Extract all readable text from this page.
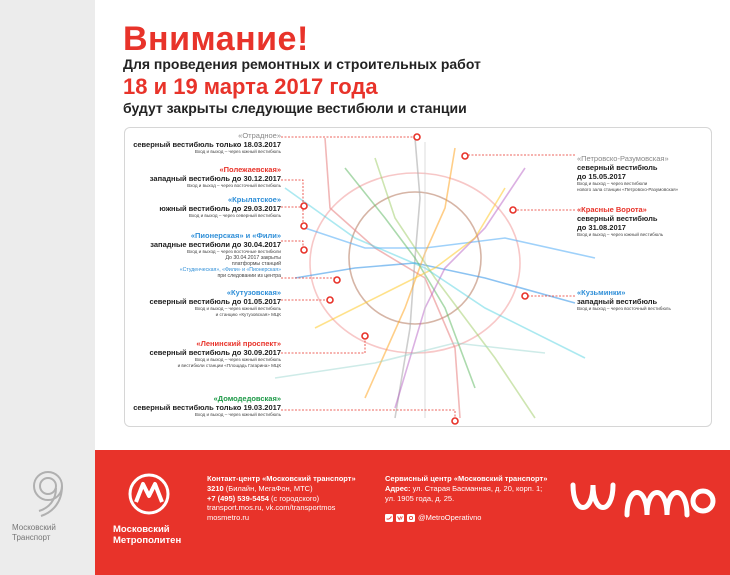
Внимание!
Для проведения ремонтных и строительных работ
18 и 19 марта 2017 года
будут закрыты следующие вестибюли и станции
«Отрадное»
северный вестибюль только 18.03.2017
Вход и выход – через южный вестибюль
«Полежаевская»
западный вестибюль до 30.12.2017
Вход и выход – через восточный вестибюль
«Крылатское»
южный вестибюль до 29.03.2017
Вход и выход – через северный вестибюль
«Пионерская» и «Фили»
западные вестибюли до 30.04.2017
Вход и выход – через восточные вестибюли
До 30.04.2017 закрыты
платформы станций
«Студенческая», «Фили» и «Пионерская»
при следовании из центра
«Кутузовская»
северный вестибюль до 01.05.2017
Вход и выход – через южный вестибюль
и станцию «Кутузовская» МЦК
«Ленинский проспект»
северный вестибюль до 30.09.2017
Вход и выход – через южный вестибюль
и вестибюли станции «Площадь Гагарина» МЦК
«Домодедовская»
северный вестибюль только 19.03.2017
Вход и выход – через южный вестибюль
«Петровско-Разумовская»
северный вестибюль
до 15.05.2017
Вход и выход – через вестибюли
нового зала станции «Петровско-Разумовская»
«Красные Ворота»
северный вестибюль
до 31.08.2017
Вход и выход – через южный вестибюль
«Кузьминки»
западный вестибюль
Вход и выход – через восточный вестибюль
Московский
Транспорт
Московский
Метрополитен
Контакт-центр «Московский транспорт»
3210 (Билайн, МегаФон, МТС)
+7 (495) 539-5454 (с городского)
transport.mos.ru, vk.com/transportmos
mosmetro.ru
Сервисный центр «Московский транспорт»
Адрес: ул. Старая Басманная, д. 20, корп. 1;
ул. 1905 года, д. 25.
@MetroOperativno
